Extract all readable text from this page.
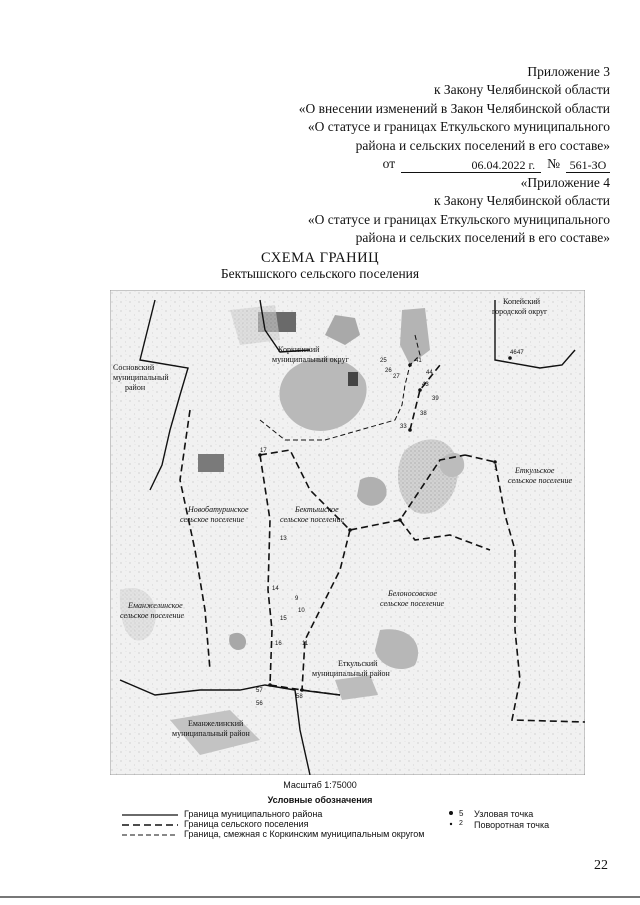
Приложение 3
к Закону Челябинской области
«О внесении изменений в Закон Челябинской области
«О статусе и границах Еткульского муниципального
района и сельских поселений в его составе»
от	06.04.2022 г. № 561-ЗО
«Приложение 4
к Закону Челябинской области
«О статусе и границах Еткульского муниципального
района и сельских поселений в его составе»
СХЕМА ГРАНИЦ
Бектышского сельского поселения
41
43
44
39
33
38
25
26
27
1
46 47
13
14
15
16
57
58
56
9
10
11
17
Копейский
городской округ
Коркинский
муниципальный округ
Сосновский
муниципальный
район
Еткульское
сельское поселение
Новобатуринское
сельское поселение
Бектышское
сельское поселение
Еманжелинское
сельское поселение
Белоносовское
сельское поселение
Еткульский
муниципальный район
Еманжелинский
муниципальный район
Масштаб 1:75000
Условные обозначения
Граница муниципального района
Граница сельского поселения
Граница, смежная с Коркинским муниципальным округом
5
2
Узловая точка
Поворотная точка
22
